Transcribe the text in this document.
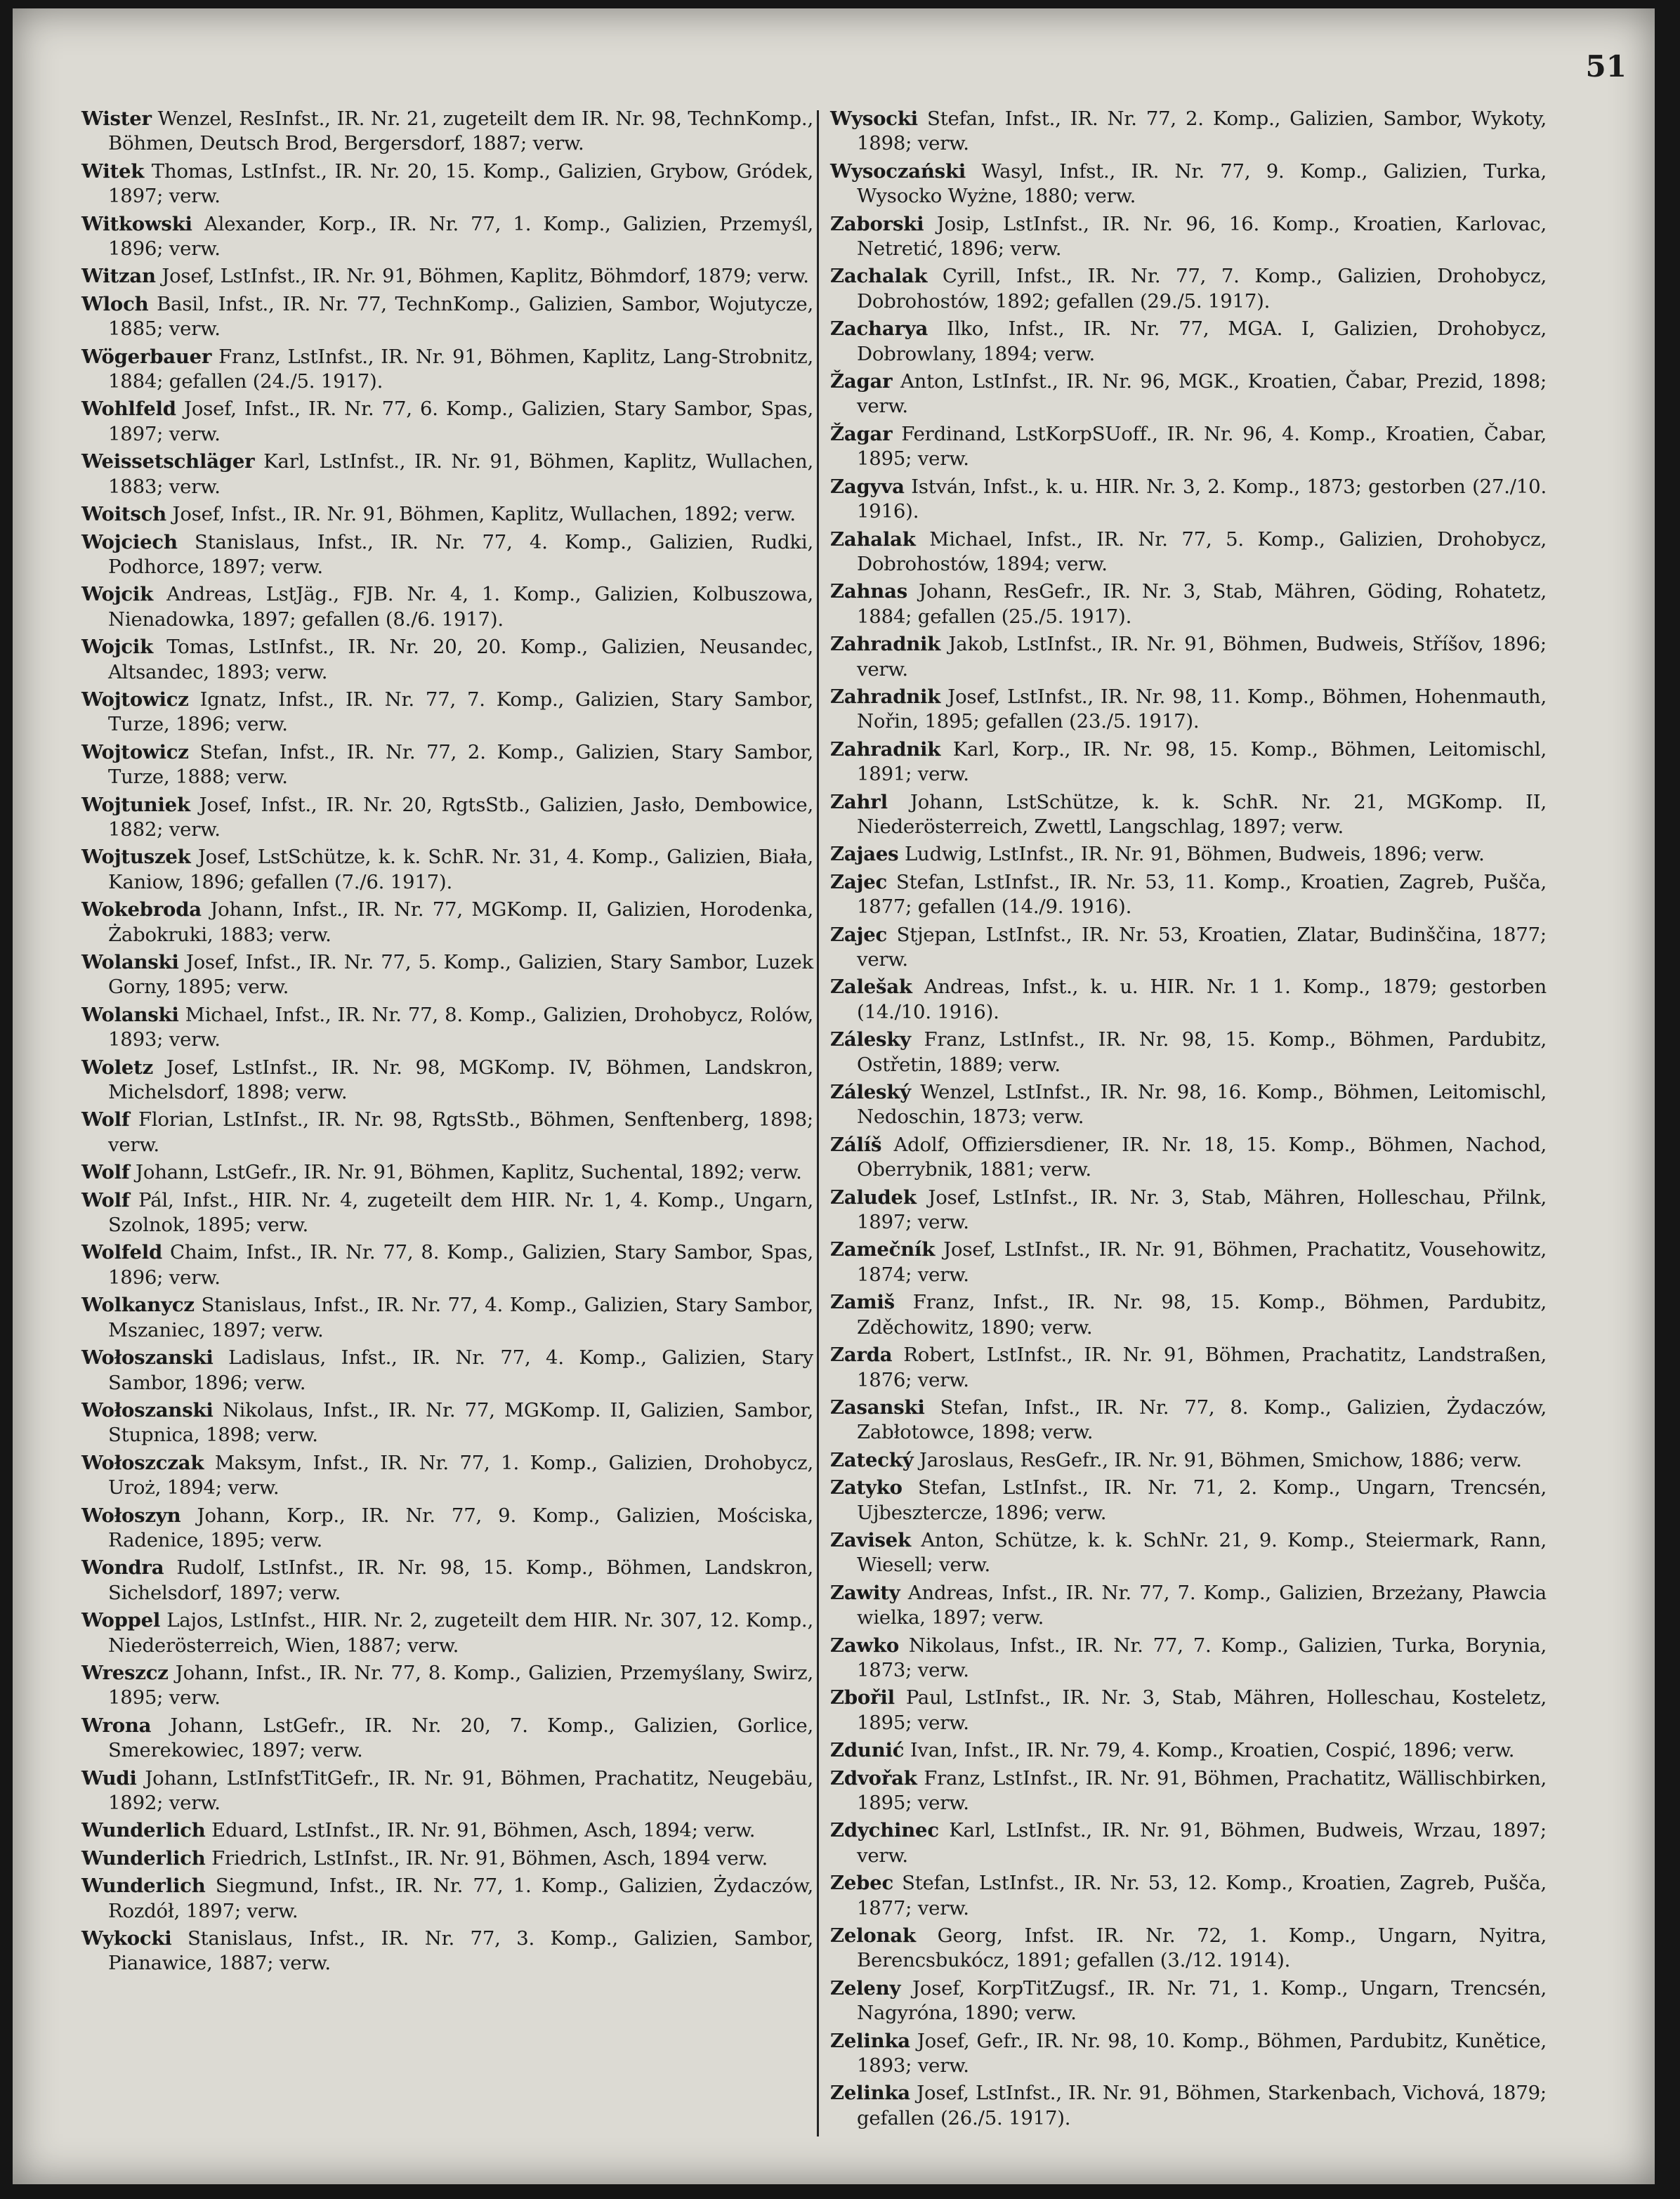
51

Wister Wenzel, ResInfst., IR. Nr. 21, zugeteilt dem IR. Nr. 98, TechnKomp., Böhmen, Deutsch Brod, Bergersdorf, 1887; verw.

Witek Thomas, LstInfst., IR. Nr. 20, 15. Komp., Galizien, Grybow, Gródek, 1897; verw.

Witkowski Alexander, Korp., IR. Nr. 77, 1. Komp., Galizien, Przemyśl, 1896; verw.

Witzan Josef, LstInfst., IR. Nr. 91, Böhmen, Kaplitz, Böhmdorf, 1879; verw.

Wloch Basil, Infst., IR. Nr. 77, TechnKomp., Galizien, Sambor, Wojutycze, 1885; verw.

Wögerbauer Franz, LstInfst., IR. Nr. 91, Böhmen, Kaplitz, Lang-Strobnitz, 1884; gefallen (24./5. 1917).

Wohlfeld Josef, Infst., IR. Nr. 77, 6. Komp., Galizien, Stary Sambor, Spas, 1897; verw.

Weissetschläger Karl, LstInfst., IR. Nr. 91, Böhmen, Kaplitz, Wullachen, 1883; verw.

Woitsch Josef, Infst., IR. Nr. 91, Böhmen, Kaplitz, Wullachen, 1892; verw.

Wojciech Stanislaus, Infst., IR. Nr. 77, 4. Komp., Galizien, Rudki, Podhorce, 1897; verw.

Wojcik Andreas, LstJäg., FJB. Nr. 4, 1. Komp., Galizien, Kolbuszowa, Nienadowka, 1897; gefallen (8./6. 1917).

Wojcik Tomas, LstInfst., IR. Nr. 20, 20. Komp., Galizien, Neusandec, Altsandec, 1893; verw.

Wojtowicz Ignatz, Infst., IR. Nr. 77, 7. Komp., Galizien, Stary Sambor, Turze, 1896; verw.

Wojtowicz Stefan, Infst., IR. Nr. 77, 2. Komp., Galizien, Stary Sambor, Turze, 1888; verw.

Wojtuniek Josef, Infst., IR. Nr. 20, RgtsStb., Galizien, Jasło, Dembowice, 1882; verw.

Wojtuszek Josef, LstSchütze, k. k. SchR. Nr. 31, 4. Komp., Galizien, Biała, Kaniow, 1896; gefallen (7./6. 1917).

Wokebroda Johann, Infst., IR. Nr. 77, MGKomp. II, Galizien, Horodenka, Żabokruki, 1883; verw.

Wolanski Josef, Infst., IR. Nr. 77, 5. Komp., Galizien, Stary Sambor, Luzek Gorny, 1895; verw.

Wolanski Michael, Infst., IR. Nr. 77, 8. Komp., Galizien, Drohobycz, Rolów, 1893; verw.

Woletz Josef, LstInfst., IR. Nr. 98, MGKomp. IV, Böhmen, Landskron, Michelsdorf, 1898; verw.

Wolf Florian, LstInfst., IR. Nr. 98, RgtsStb., Böhmen, Senftenberg, 1898; verw.

Wolf Johann, LstGefr., IR. Nr. 91, Böhmen, Kaplitz, Suchental, 1892; verw.

Wolf Pál, Infst., HIR. Nr. 4, zugeteilt dem HIR. Nr. 1, 4. Komp., Ungarn, Szolnok, 1895; verw.

Wolfeld Chaim, Infst., IR. Nr. 77, 8. Komp., Galizien, Stary Sambor, Spas, 1896; verw.

Wolkanycz Stanislaus, Infst., IR. Nr. 77, 4. Komp., Galizien, Stary Sambor, Mszaniec, 1897; verw.

Wołoszanski Ladislaus, Infst., IR. Nr. 77, 4. Komp., Galizien, Stary Sambor, 1896; verw.

Wołoszanski Nikolaus, Infst., IR. Nr. 77, MGKomp. II, Galizien, Sambor, Stupnica, 1898; verw.

Wołoszczak Maksym, Infst., IR. Nr. 77, 1. Komp., Galizien, Drohobycz, Uroż, 1894; verw.

Wołoszyn Johann, Korp., IR. Nr. 77, 9. Komp., Galizien, Mościska, Radenice, 1895; verw.

Wondra Rudolf, LstInfst., IR. Nr. 98, 15. Komp., Böhmen, Landskron, Sichelsdorf, 1897; verw.

Woppel Lajos, LstInfst., HIR. Nr. 2, zugeteilt dem HIR. Nr. 307, 12. Komp., Niederösterreich, Wien, 1887; verw.

Wreszcz Johann, Infst., IR. Nr. 77, 8. Komp., Galizien, Przemyślany, Swirz, 1895; verw.

Wrona Johann, LstGefr., IR. Nr. 20, 7. Komp., Galizien, Gorlice, Smerekowiec, 1897; verw.

Wudi Johann, LstInfstTitGefr., IR. Nr. 91, Böhmen, Prachatitz, Neugebäu, 1892; verw.

Wunderlich Eduard, LstInfst., IR. Nr. 91, Böhmen, Asch, 1894; verw.

Wunderlich Friedrich, LstInfst., IR. Nr. 91, Böhmen, Asch, 1894 verw.

Wunderlich Siegmund, Infst., IR. Nr. 77, 1. Komp., Galizien, Żydaczów, Rozdół, 1897; verw.

Wykocki Stanislaus, Infst., IR. Nr. 77, 3. Komp., Galizien, Sambor, Pianawice, 1887; verw.

Wysocki Stefan, Infst., IR. Nr. 77, 2. Komp., Galizien, Sambor, Wykoty, 1898; verw.

Wysoczański Wasyl, Infst., IR. Nr. 77, 9. Komp., Galizien, Turka, Wysocko Wyżne, 1880; verw.

Zaborski Josip, LstInfst., IR. Nr. 96, 16. Komp., Kroatien, Karlovac, Netretić, 1896; verw.

Zachalak Cyrill, Infst., IR. Nr. 77, 7. Komp., Galizien, Drohobycz, Dobrohostów, 1892; gefallen (29./5. 1917).

Zacharya Ilko, Infst., IR. Nr. 77, MGA. I, Galizien, Drohobycz, Dobrowlany, 1894; verw.

Žagar Anton, LstInfst., IR. Nr. 96, MGK., Kroatien, Čabar, Prezid, 1898; verw.

Žagar Ferdinand, LstKorpSUoff., IR. Nr. 96, 4. Komp., Kroatien, Čabar, 1895; verw.

Zagyva István, Infst., k. u. HIR. Nr. 3, 2. Komp., 1873; gestorben (27./10. 1916).

Zahalak Michael, Infst., IR. Nr. 77, 5. Komp., Galizien, Drohobycz, Dobrohostów, 1894; verw.

Zahnas Johann, ResGefr., IR. Nr. 3, Stab, Mähren, Göding, Rohatetz, 1884; gefallen (25./5. 1917).

Zahradnik Jakob, LstInfst., IR. Nr. 91, Böhmen, Budweis, Stříšov, 1896; verw.

Zahradnik Josef, LstInfst., IR. Nr. 98, 11. Komp., Böhmen, Hohenmauth, Nořin, 1895; gefallen (23./5. 1917).

Zahradnik Karl, Korp., IR. Nr. 98, 15. Komp., Böhmen, Leitomischl, 1891; verw.

Zahrl Johann, LstSchütze, k. k. SchR. Nr. 21, MGKomp. II, Niederösterreich, Zwettl, Langschlag, 1897; verw.

Zajaes Ludwig, LstInfst., IR. Nr. 91, Böhmen, Budweis, 1896; verw.

Zajec Stefan, LstInfst., IR. Nr. 53, 11. Komp., Kroatien, Zagreb, Pušča, 1877; gefallen (14./9. 1916).

Zajec Stjepan, LstInfst., IR. Nr. 53, Kroatien, Zlatar, Budinščina, 1877; verw.

Zalešak Andreas, Infst., k. u. HIR. Nr. 1 1. Komp., 1879; gestorben (14./10. 1916).

Zálesky Franz, LstInfst., IR. Nr. 98, 15. Komp., Böhmen, Pardubitz, Ostřetin, 1889; verw.

Záleský Wenzel, LstInfst., IR. Nr. 98, 16. Komp., Böhmen, Leitomischl, Nedoschin, 1873; verw.

Zálíš Adolf, Offiziersdiener, IR. Nr. 18, 15. Komp., Böhmen, Nachod, Oberrybnik, 1881; verw.

Zaludek Josef, LstInfst., IR. Nr. 3, Stab, Mähren, Holleschau, Přilnk, 1897; verw.

Zamečník Josef, LstInfst., IR. Nr. 91, Böhmen, Prachatitz, Vousehowitz, 1874; verw.

Zamiš Franz, Infst., IR. Nr. 98, 15. Komp., Böhmen, Pardubitz, Zděchowitz, 1890; verw.

Zarda Robert, LstInfst., IR. Nr. 91, Böhmen, Prachatitz, Landstraßen, 1876; verw.

Zasanski Stefan, Infst., IR. Nr. 77, 8. Komp., Galizien, Żydaczów, Zabłotowce, 1898; verw.

Zatecký Jaroslaus, ResGefr., IR. Nr. 91, Böhmen, Smichow, 1886; verw.

Zatyko Stefan, LstInfst., IR. Nr. 71, 2. Komp., Ungarn, Trencsén, Ujbesztercze, 1896; verw.

Zavisek Anton, Schütze, k. k. SchNr. 21, 9. Komp., Steiermark, Rann, Wiesell; verw.

Zawity Andreas, Infst., IR. Nr. 77, 7. Komp., Galizien, Brzeżany, Pławcia wielka, 1897; verw.

Zawko Nikolaus, Infst., IR. Nr. 77, 7. Komp., Galizien, Turka, Borynia, 1873; verw.

Zbořil Paul, LstInfst., IR. Nr. 3, Stab, Mähren, Holleschau, Kosteletz, 1895; verw.

Zdunić Ivan, Infst., IR. Nr. 79, 4. Komp., Kroatien, Cospić, 1896; verw.

Zdvořak Franz, LstInfst., IR. Nr. 91, Böhmen, Prachatitz, Wällischbirken, 1895; verw.

Zdychinec Karl, LstInfst., IR. Nr. 91, Böhmen, Budweis, Wrzau, 1897; verw.

Zebec Stefan, LstInfst., IR. Nr. 53, 12. Komp., Kroatien, Zagreb, Pušča, 1877; verw.

Zelonak Georg, Infst. IR. Nr. 72, 1. Komp., Ungarn, Nyitra, Berencsbukócz, 1891; gefallen (3./12. 1914).

Zeleny Josef, KorpTitZugsf., IR. Nr. 71, 1. Komp., Ungarn, Trencsén, Nagyróna, 1890; verw.

Zelinka Josef, Gefr., IR. Nr. 98, 10. Komp., Böhmen, Pardubitz, Kunětice, 1893; verw.

Zelinka Josef, LstInfst., IR. Nr. 91, Böhmen, Starkenbach, Vichová, 1879; gefallen (26./5. 1917).
